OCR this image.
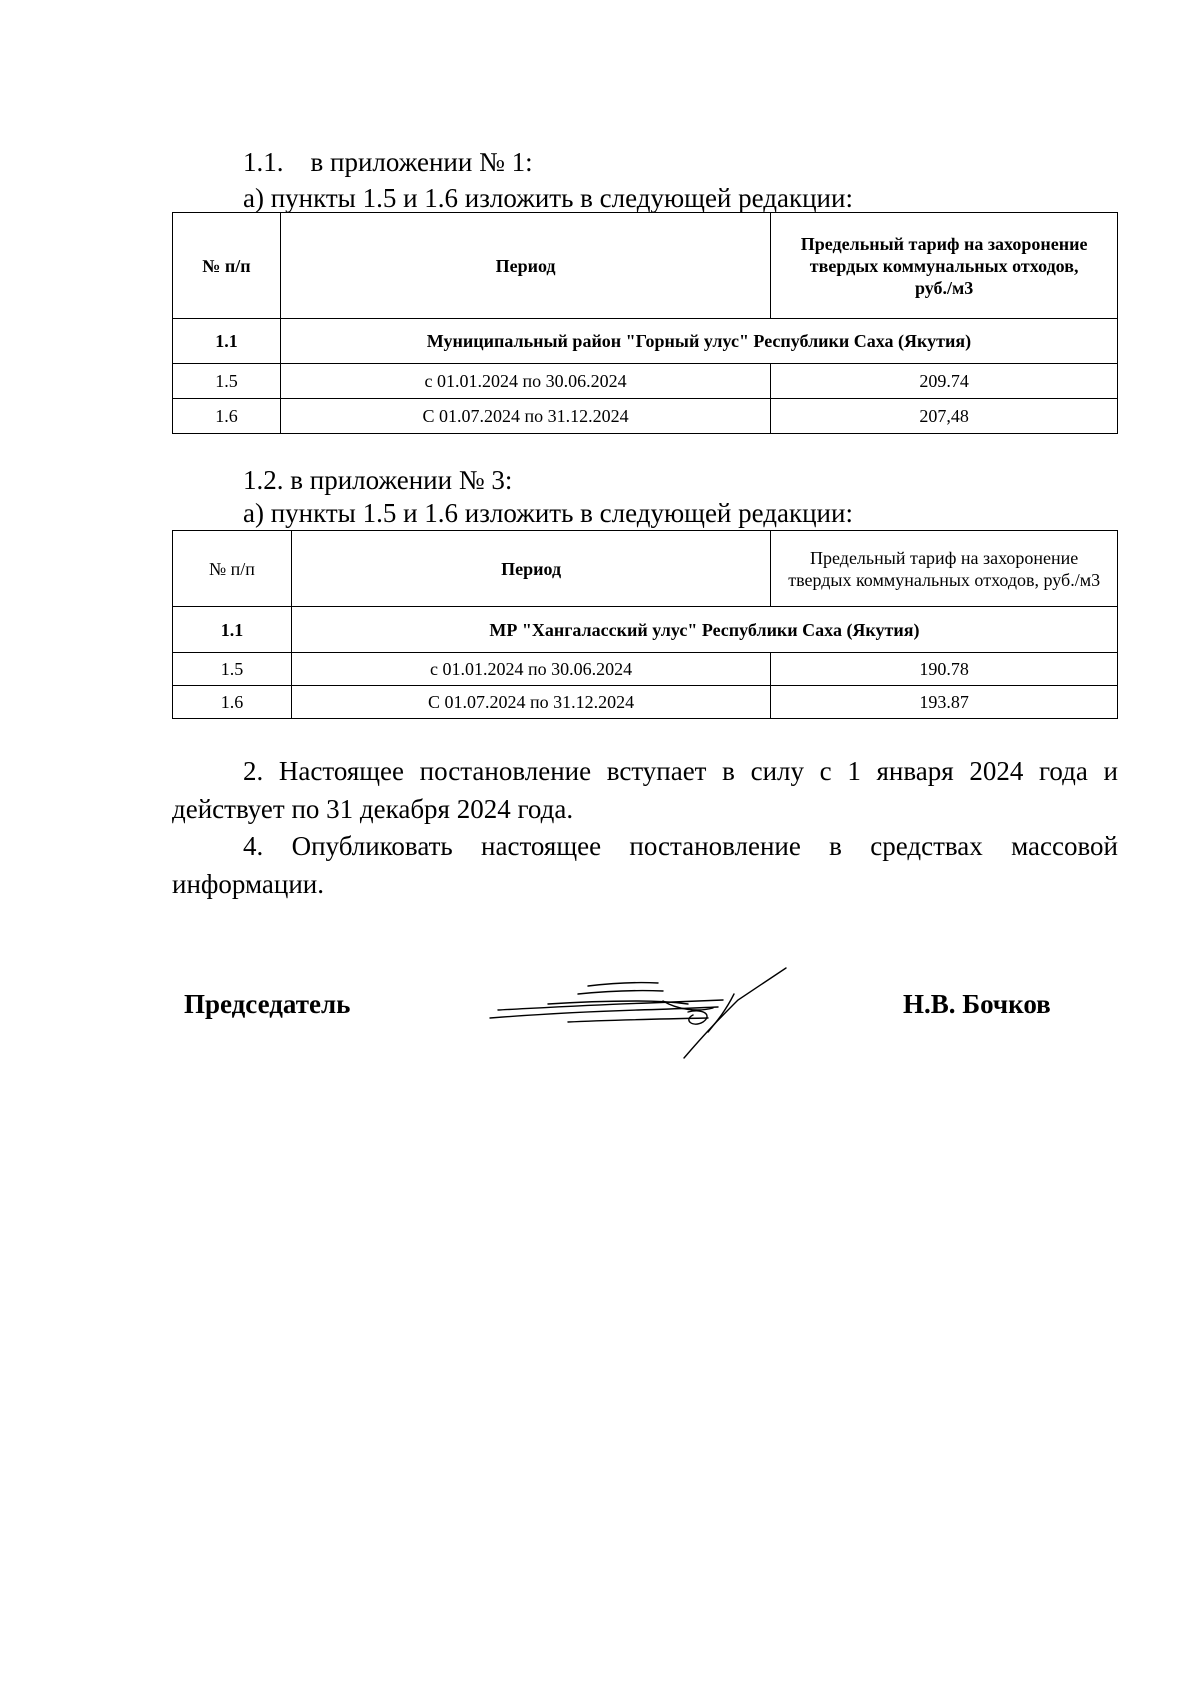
1.1.    в приложении № 1:

а) пункты 1.5 и 1.6 изложить в следующей редакции:

№ п/п	Период	Предельный тариф на захоронение твердых коммунальных отходов, руб./м3
1.1	Муниципальный район "Горный улус" Республики Саха (Якутия)	
1.5	с 01.01.2024 по 30.06.2024	209.74
1.6	С 01.07.2024 по 31.12.2024	207,48

1.2. в приложении № 3:

а) пункты 1.5 и 1.6 изложить в следующей редакции:

№ п/п	Период	Предельный тариф на захоронение твердых коммунальных отходов, руб./м3
1.1	МР "Хангаласский улус" Республики Саха (Якутия)	
1.5	с 01.01.2024 по 30.06.2024	190.78
1.6	С 01.07.2024 по 31.12.2024	193.87

2. Настоящее постановление вступает в силу с 1 января 2024 года и действует по 31 декабря 2024 года.

4. Опубликовать настоящее постановление в средствах массовой информации.

Председатель	Н.В. Бочков
